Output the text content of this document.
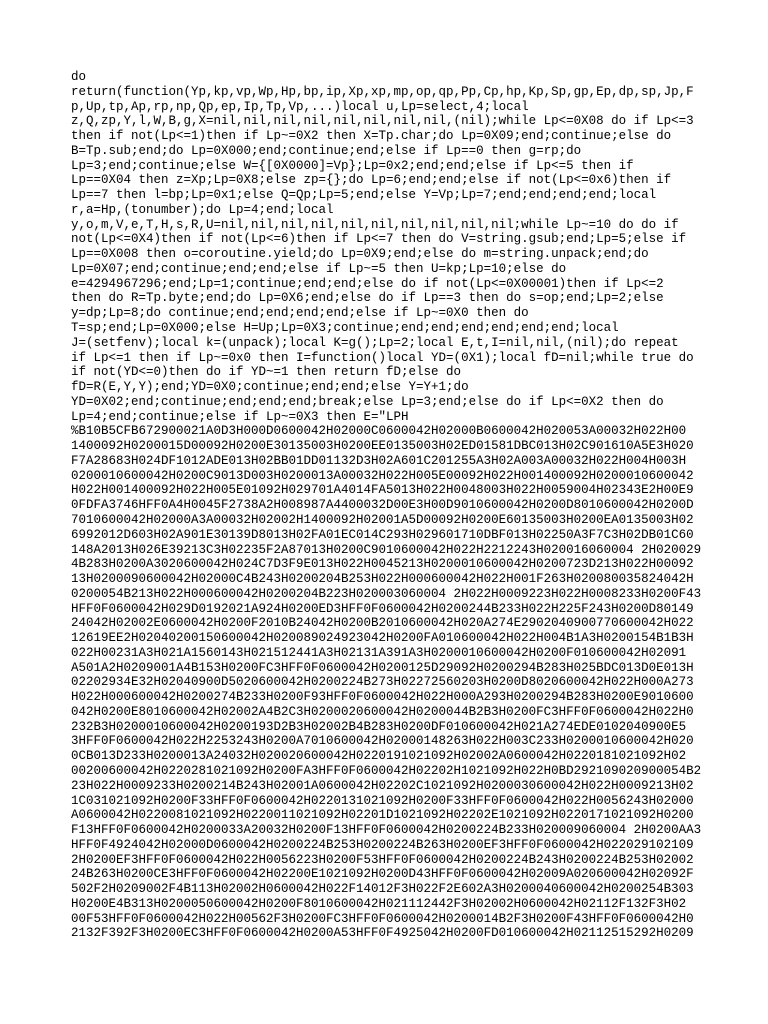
do
return(function(Yp,kp,vp,Wp,Hp,bp,ip,Xp,xp,mp,op,qp,Pp,Cp,hp,Kp,Sp,gp,Ep,dp,sp,Jp,F
p,Up,tp,Ap,rp,np,Qp,ep,Ip,Tp,Vp,...)local u,Lp=select,4;local
z,Q,zp,Y,l,W,B,g,X=nil,nil,nil,nil,nil,nil,nil,nil,(nil);while Lp<=0X08 do if Lp<=3
then if not(Lp<=1)then if Lp~=0X2 then X=Tp.char;do Lp=0X09;end;continue;else do
B=Tp.sub;end;do Lp=0X000;end;continue;end;else if Lp==0 then g=rp;do
Lp=3;end;continue;else W={[0X0000]=Vp};Lp=0x2;end;end;else if Lp<=5 then if
Lp==0X04 then z=Xp;Lp=0X8;else zp={};do Lp=6;end;end;else if not(Lp<=0x6)then if
Lp==7 then l=bp;Lp=0x1;else Q=Qp;Lp=5;end;else Y=Vp;Lp=7;end;end;end;end;local
r,a=Hp,(tonumber);do Lp=4;end;local
y,o,m,V,e,T,H,s,R,U=nil,nil,nil,nil,nil,nil,nil,nil,nil,nil;while Lp~=10 do do if
not(Lp<=0X4)then if not(Lp<=6)then if Lp<=7 then do V=string.gsub;end;Lp=5;else if
Lp==0X008 then o=coroutine.yield;do Lp=0X9;end;else do m=string.unpack;end;do
Lp=0X07;end;continue;end;end;else if Lp~=5 then U=kp;Lp=10;else do
e=4294967296;end;Lp=1;continue;end;end;else do if not(Lp<=0X00001)then if Lp<=2
then do R=Tp.byte;end;do Lp=0X6;end;else do if Lp==3 then do s=op;end;Lp=2;else
y=dp;Lp=8;do continue;end;end;end;end;else if Lp~=0X0 then do
T=sp;end;Lp=0X000;else H=Up;Lp=0X3;continue;end;end;end;end;end;end;local
J=(setfenv);local k=(unpack);local K=g();Lp=2;local E,t,I=nil,nil,(nil);do repeat
if Lp<=1 then if Lp~=0x0 then I=function()local YD=(0X1);local fD=nil;while true do
if not(YD<=0)then do if YD~=1 then return fD;else do
fD=R(E,Y,Y);end;YD=0X0;continue;end;end;else Y=Y+1;do
YD=0X02;end;continue;end;end;end;break;else Lp=3;end;else do if Lp<=0X2 then do
Lp=4;end;continue;else if Lp~=0X3 then E="LPH
%B10B5CFB672900021A0D3H000D0600042H02000C0600042H02000B0600042H020053A00032H022H00
1400092H0200015D00092H0200E30135003H0200EE0135003H02ED01581DBC013H02C901610A5E3H020
F7A28683H024DF1012ADE013H02BB01DD01132D3H02A601C201255A3H02A003A00032H022H004H003H
0200010600042H0200C9013D003H0200013A00032H022H005E00092H022H001400092H0200010600042
H022H001400092H022H005E01092H029701A4014FA5013H022H0048003H022H0059004H02343E2H00E9
0FDFA3746HFF0A4H0045F2738A2H008987A4400032D00E3H00D9010600042H0200D8010600042H0200D
7010600042H02000A3A00032H02002H1400092H02001A5D00092H0200E60135003H0200EA0135003H02
6992012D603H02A901E30139D8013H02FA01EC014C293H029601710DBF013H02250A3F7C3H02DB01C60
148A2013H026E39213C3H02235F2A87013H0200C9010600042H022H2212243H020016060004 2H020029
4B283H0200A3020600042H024C7D3F9E013H022H0045213H0200010600042H0200723D213H022H00092
13H0200090600042H02000C4B243H0200204B253H022H000600042H022H001F263H020080035824042H
0200054B213H022H000600042H0200204B223H020003060004 2H022H0009223H022H0008233H0200F43
HFF0F0600042H029D0192021A924H0200ED3HFF0F0600042H0200244B233H022H225F243H0200D80149
24042H02002E0600042H0200F2010B24042H0200B2010600042H020A274E2902040900770600042H022
12619EE2H02040200150600042H020089024923042H0200FA010600042H022H004B1A3H0200154B1B3H
022H00231A3H021A1560143H021512441A3H02131A391A3H0200010600042H0200F010600042H02091
A501A2H0209001A4B153H0200FC3HFF0F0600042H0200125D29092H0200294B283H025BDC013D0E013H
02202934E32H02040900D5020600042H0200224B273H02272560203H0200D8020600042H022H000A273
H022H000600042H0200274B233H0200F93HFF0F0600042H022H000A293H0200294B283H0200E9010600
042H0200E8010600042H02002A4B2C3H0200020600042H0200044B2B3H0200FC3HFF0F0600042H022H0
232B3H0200010600042H0200193D2B3H02002B4B283H0200DF010600042H021A274EDE0102040900E5
3HFF0F0600042H022H2253243H0200A7010600042H02000148263H022H003C233H0200010600042H020
0CB013D233H0200013A24032H020020600042H0220191021092H02002A0600042H0220181021092H02
00200600042H0220281021092H0200FA3HFF0F0600042H02202H1021092H022H0BD292109020900054B2
23H022H0009233H0200214B243H02001A0600042H02202C1021092H0200030600042H022H0009213H02
1C031021092H0200F33HFF0F0600042H0220131021092H0200F33HFF0F0600042H022H0056243H02000
A0600042H0220081021092H0220011021092H02201D1021092H02202E1021092H0220171021092H0200
F13HFF0F0600042H0200033A20032H0200F13HFF0F0600042H0200224B233H020009060004 2H0200AA3
HFF0F4924042H02000D0600042H0200224B253H0200224B263H0200EF3HFF0F0600042H022029102109
2H0200EF3HFF0F0600042H022H0056223H0200F53HFF0F0600042H0200224B243H0200224B253H02002
24B263H0200CE3HFF0F0600042H02200E1021092H0200D43HFF0F0600042H02009A020600042H02092F
502F2H0209002F4B113H02002H0600042H022F14012F3H022F2E602A3H0200040600042H0200254B303
H0200E4B313H0200050600042H0200F8010600042H021112442F3H02002H0600042H02112F132F3H02
00F53HFF0F0600042H022H00562F3H0200FC3HFF0F0600042H0200014B2F3H0200F43HFF0F0600042H0
2132F392F3H0200EC3HFF0F0600042H0200A53HFF0F4925042H0200FD010600042H02112515292H0209
